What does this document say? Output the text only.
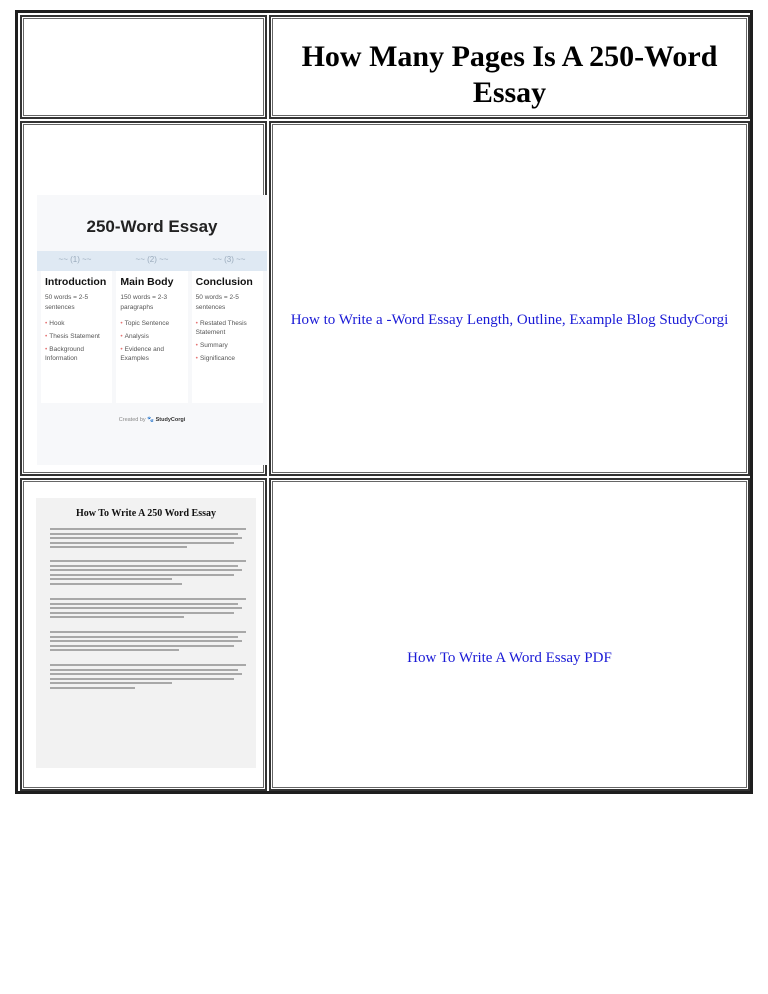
How Many Pages Is A 250-Word Essay
250-Word Essay
~~ (1) ~~	~~ (2) ~~	~~ (3) ~~
Introduction
50 words = 2-5
sentences
• Hook
• Thesis Statement
• Background Information
Main Body
150 words = 2-3
paragraphs
• Topic Sentence
• Analysis
• Evidence and Examples
Conclusion
50 words = 2-5
sentences
• Restated Thesis Statement
• Summary
• Significance
Created by 🐾 StudyCorgi
How to Write a -Word Essay Length, Outline, Example Blog StudyCorgi
How To Write A 250 Word Essay
How To Write A Word Essay PDF
